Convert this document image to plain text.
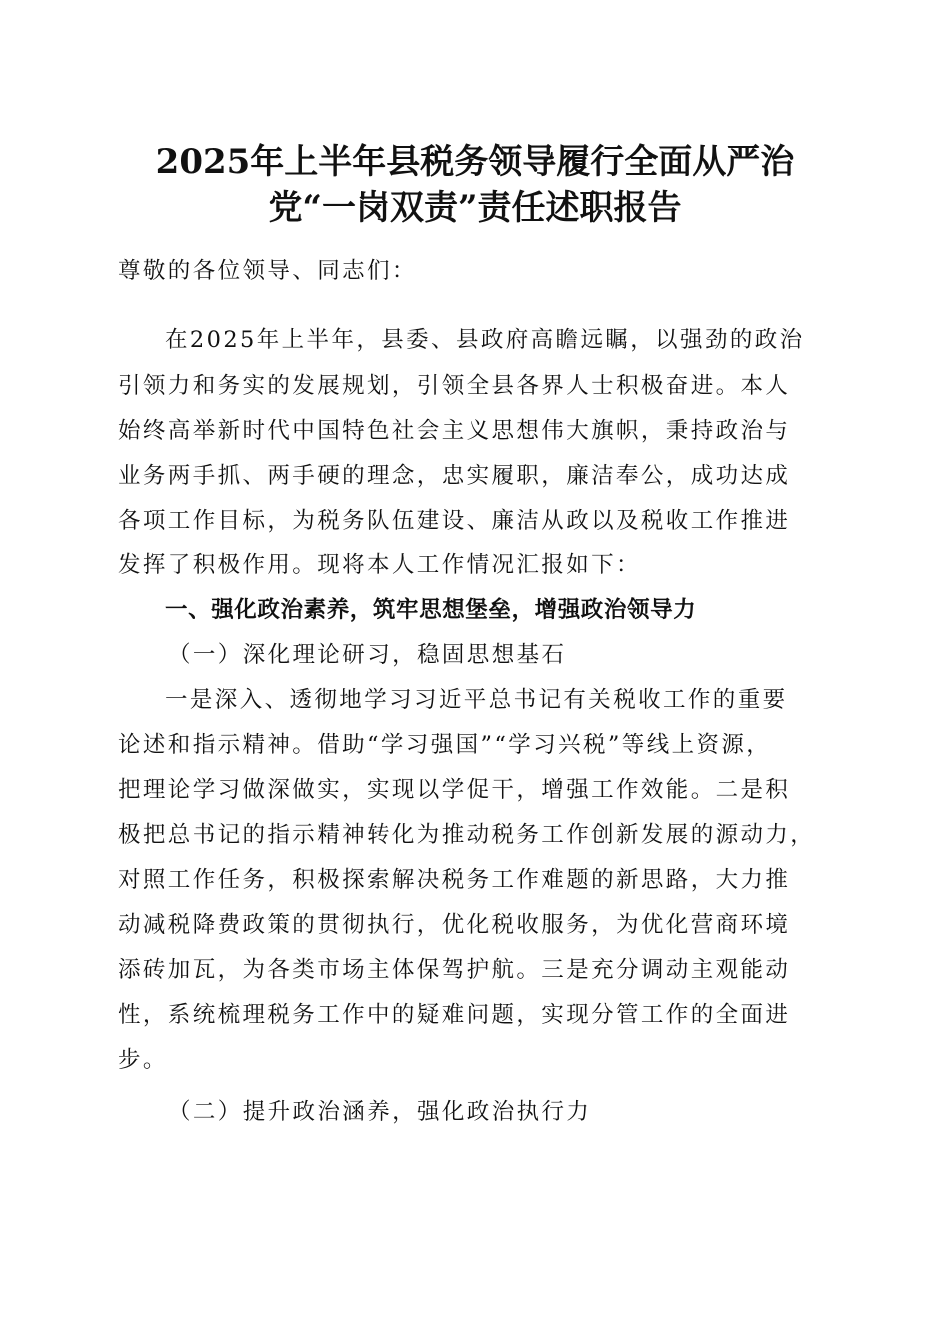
2025年上半年县税务领导履行全面从严治
党“一岗双责”责任述职报告
尊敬的各位领导、同志们：
在2025年上半年，县委、县政府高瞻远瞩，以强劲的政治
引领力和务实的发展规划，引领全县各界人士积极奋进。本人
始终高举新时代中国特色社会主义思想伟大旗帜，秉持政治与
业务两手抓、两手硬的理念，忠实履职，廉洁奉公，成功达成
各项工作目标，为税务队伍建设、廉洁从政以及税收工作推进
发挥了积极作用。现将本人工作情况汇报如下：
一、强化政治素养，筑牢思想堡垒，增强政治领导力
（一）深化理论研习，稳固思想基石
一是深入、透彻地学习习近平总书记有关税收工作的重要
论述和指示精神。借助“学习强国”“学习兴税”等线上资源，
把理论学习做深做实，实现以学促干，增强工作效能。二是积
极把总书记的指示精神转化为推动税务工作创新发展的源动力，
对照工作任务，积极探索解决税务工作难题的新思路，大力推
动减税降费政策的贯彻执行，优化税收服务，为优化营商环境
添砖加瓦，为各类市场主体保驾护航。三是充分调动主观能动
性，系统梳理税务工作中的疑难问题，实现分管工作的全面进
步。
（二）提升政治涵养，强化政治执行力
